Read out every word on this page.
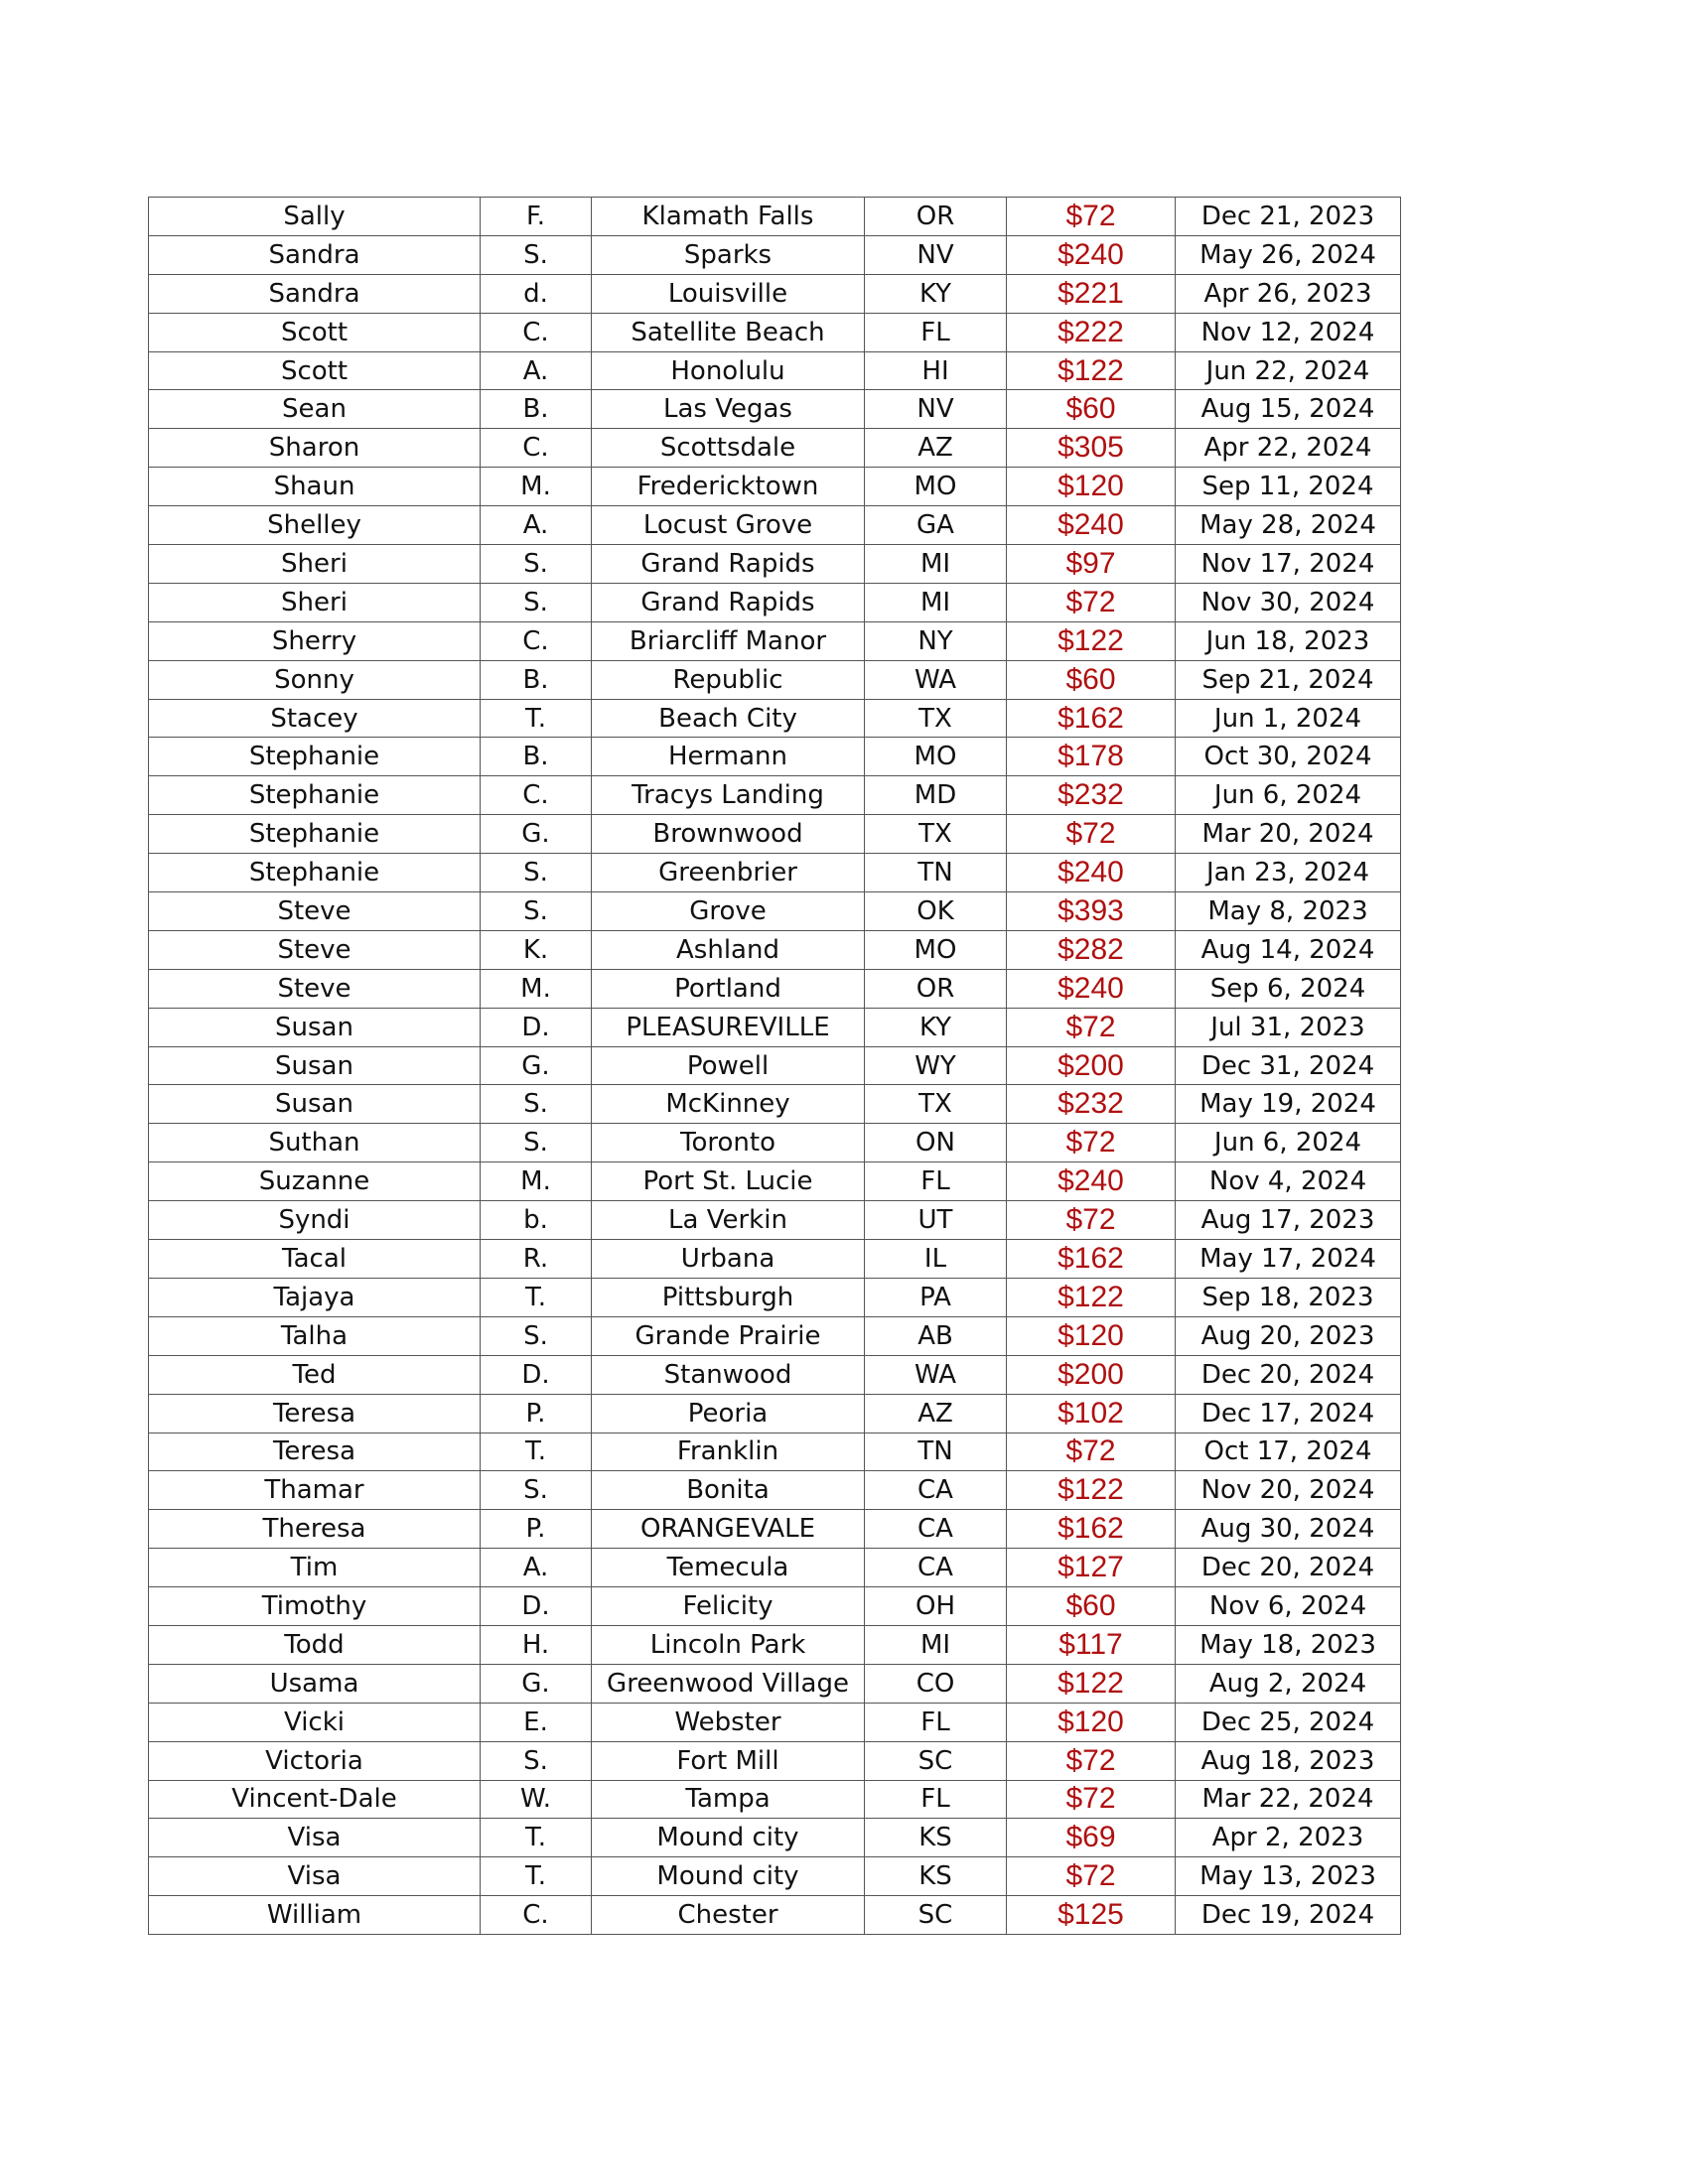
Sally	F.	Klamath Falls	OR	$72	Dec 21, 2023
Sandra	S.	Sparks	NV	$240	May 26, 2024
Sandra	d.	Louisville	KY	$221	Apr 26, 2023
Scott	C.	Satellite Beach	FL	$222	Nov 12, 2024
Scott	A.	Honolulu	HI	$122	Jun 22, 2024
Sean	B.	Las Vegas	NV	$60	Aug 15, 2024
Sharon	C.	Scottsdale	AZ	$305	Apr 22, 2024
Shaun	M.	Fredericktown	MO	$120	Sep 11, 2024
Shelley	A.	Locust Grove	GA	$240	May 28, 2024
Sheri	S.	Grand Rapids	MI	$97	Nov 17, 2024
Sheri	S.	Grand Rapids	MI	$72	Nov 30, 2024
Sherry	C.	Briarcliff Manor	NY	$122	Jun 18, 2023
Sonny	B.	Republic	WA	$60	Sep 21, 2024
Stacey	T.	Beach City	TX	$162	Jun 1, 2024
Stephanie	B.	Hermann	MO	$178	Oct 30, 2024
Stephanie	C.	Tracys Landing	MD	$232	Jun 6, 2024
Stephanie	G.	Brownwood	TX	$72	Mar 20, 2024
Stephanie	S.	Greenbrier	TN	$240	Jan 23, 2024
Steve	S.	Grove	OK	$393	May 8, 2023
Steve	K.	Ashland	MO	$282	Aug 14, 2024
Steve	M.	Portland	OR	$240	Sep 6, 2024
Susan	D.	PLEASUREVILLE	KY	$72	Jul 31, 2023
Susan	G.	Powell	WY	$200	Dec 31, 2024
Susan	S.	McKinney	TX	$232	May 19, 2024
Suthan	S.	Toronto	ON	$72	Jun 6, 2024
Suzanne	M.	Port St. Lucie	FL	$240	Nov 4, 2024
Syndi	b.	La Verkin	UT	$72	Aug 17, 2023
Tacal	R.	Urbana	IL	$162	May 17, 2024
Tajaya	T.	Pittsburgh	PA	$122	Sep 18, 2023
Talha	S.	Grande Prairie	AB	$120	Aug 20, 2023
Ted	D.	Stanwood	WA	$200	Dec 20, 2024
Teresa	P.	Peoria	AZ	$102	Dec 17, 2024
Teresa	T.	Franklin	TN	$72	Oct 17, 2024
Thamar	S.	Bonita	CA	$122	Nov 20, 2024
Theresa	P.	ORANGEVALE	CA	$162	Aug 30, 2024
Tim	A.	Temecula	CA	$127	Dec 20, 2024
Timothy	D.	Felicity	OH	$60	Nov 6, 2024
Todd	H.	Lincoln Park	MI	$117	May 18, 2023
Usama	G.	Greenwood Village	CO	$122	Aug 2, 2024
Vicki	E.	Webster	FL	$120	Dec 25, 2024
Victoria	S.	Fort Mill	SC	$72	Aug 18, 2023
Vincent-Dale	W.	Tampa	FL	$72	Mar 22, 2024
Visa	T.	Mound city	KS	$69	Apr 2, 2023
Visa	T.	Mound city	KS	$72	May 13, 2023
William	C.	Chester	SC	$125	Dec 19, 2024
